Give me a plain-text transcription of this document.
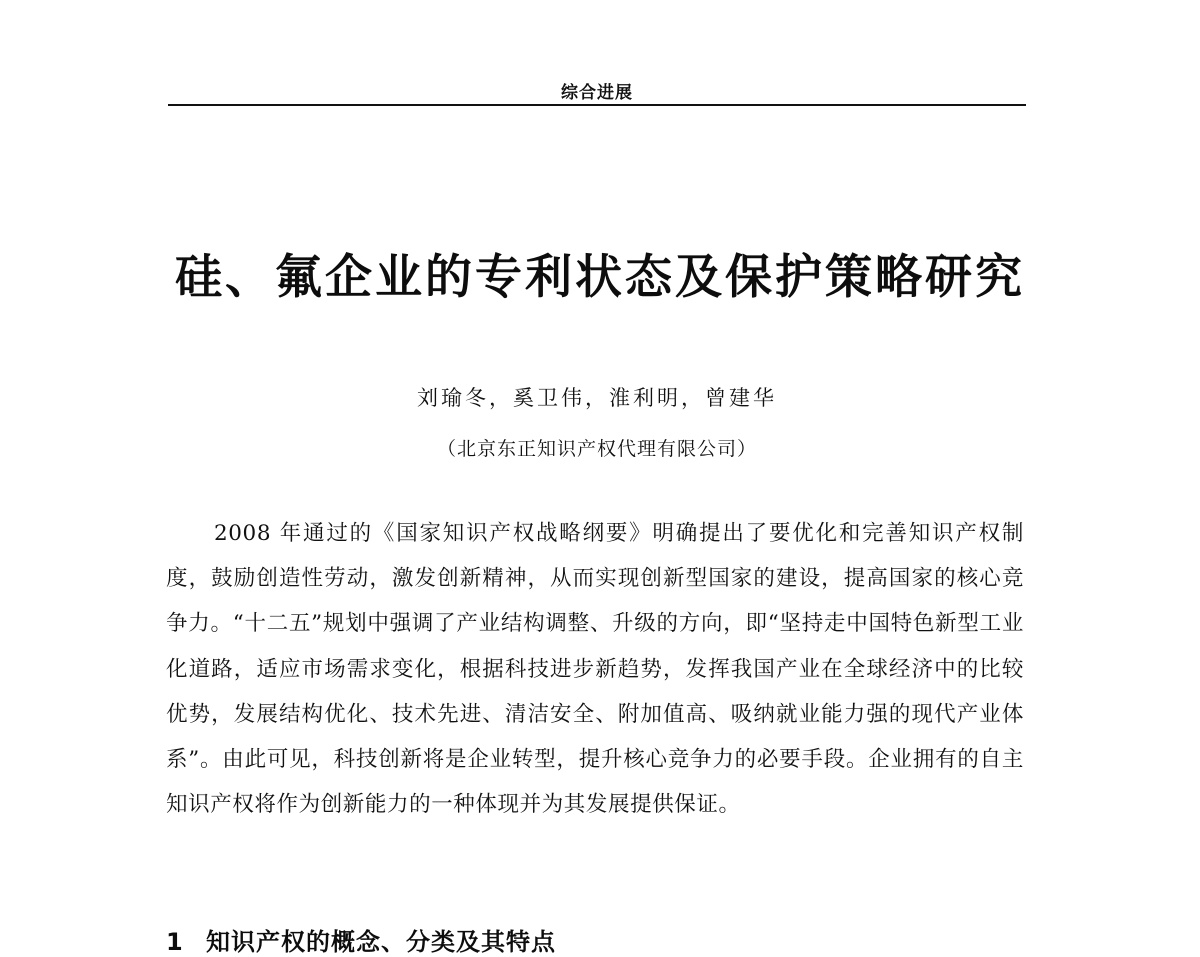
综合进展
硅、氟企业的专利状态及保护策略研究
刘瑜冬，奚卫伟，淮利明，曾建华
（北京东正知识产权代理有限公司）

2008 年通过的《国家知识产权战略纲要》明确提出了要优化和完善知识产权制度，鼓励创造性劳动，激发创新精神，从而实现创新型国家的建设，提高国家的核心竞争力。“十二五”规划中强调了产业结构调整、升级的方向，即“坚持走中国特色新型工业化道路，适应市场需求变化，根据科技进步新趋势，发挥我国产业在全球经济中的比较优势，发展结构优化、技术先进、清洁安全、附加值高、吸纳就业能力强的现代产业体系”。由此可见，科技创新将是企业转型，提升核心竞争力的必要手段。企业拥有的自主知识产权将作为创新能力的一种体现并为其发展提供保证。

1 知识产权的概念、分类及其特点
